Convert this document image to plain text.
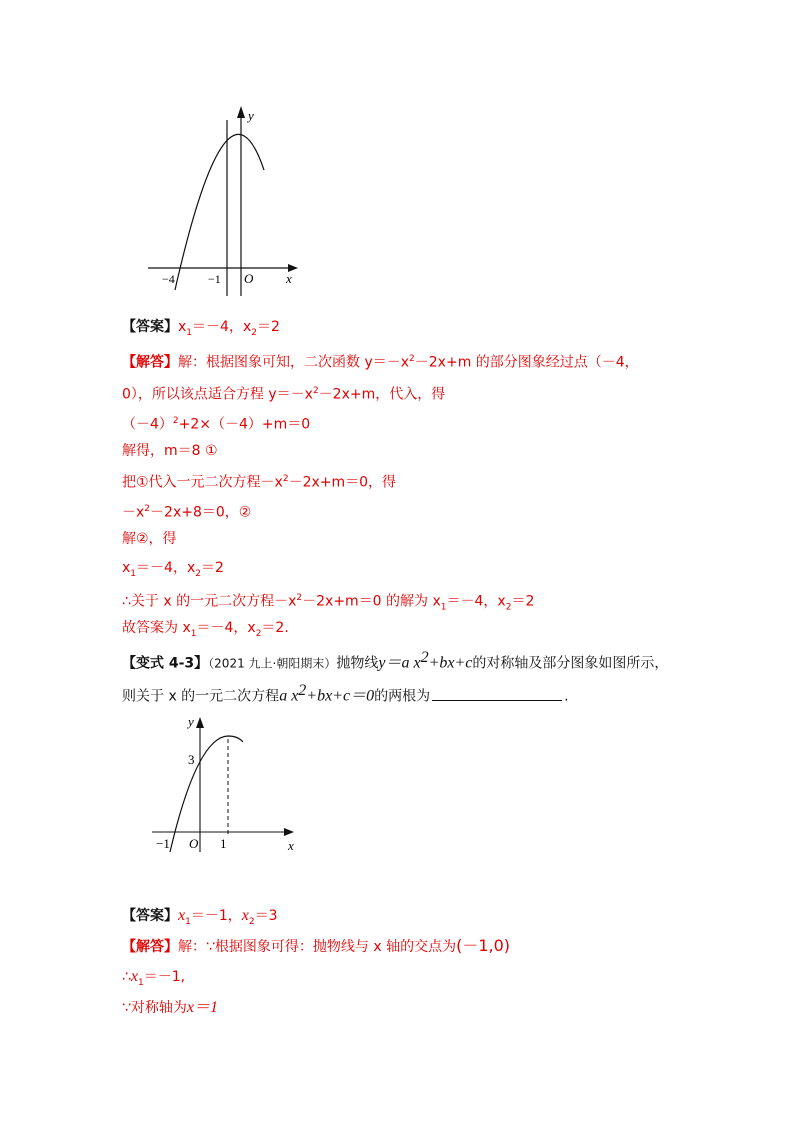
y
x
O
−4	−1
【答案】$x_1=-4$，$x_2=2$
【解答】解：根据图象可知，二次函数 $y=-x^2-2x+m$ 的部分图象经过点（－4，
0），所以该点适合方程 $y=-x^2-2x+m$，代入，得
$(-4)^2+2\times(-4)+m=0$
解得，m＝8 ①
把①代入一元二次方程$-x^2-2x+m=0$，得
$-x^2-2x+8=0$，②
解②，得
$x_1=-4$，$x_2=2$
∴关于 x 的一元二次方程$-x^2-2x+m=0$ 的解为 $x_1=-4$，$x_2=2$
故答案为 $x_1=-4$，$x_2=2$.
【变式 4-3】（2021 九上·朝阳期末）抛物线y＝a $x^2+bx+c$的对称轴及部分图象如图所示，
则关于 x 的一元二次方程a $x^2+bx+c=0$的两根为	.
y
x
O
3
−1	1
【答案】$x_1=-1$，$x_2=3$
【解答】解：∵根据图象可得：抛物线与 x 轴的交点为(－1,0)
$\therefore x_1=-1$,
∵对称轴为x＝1
